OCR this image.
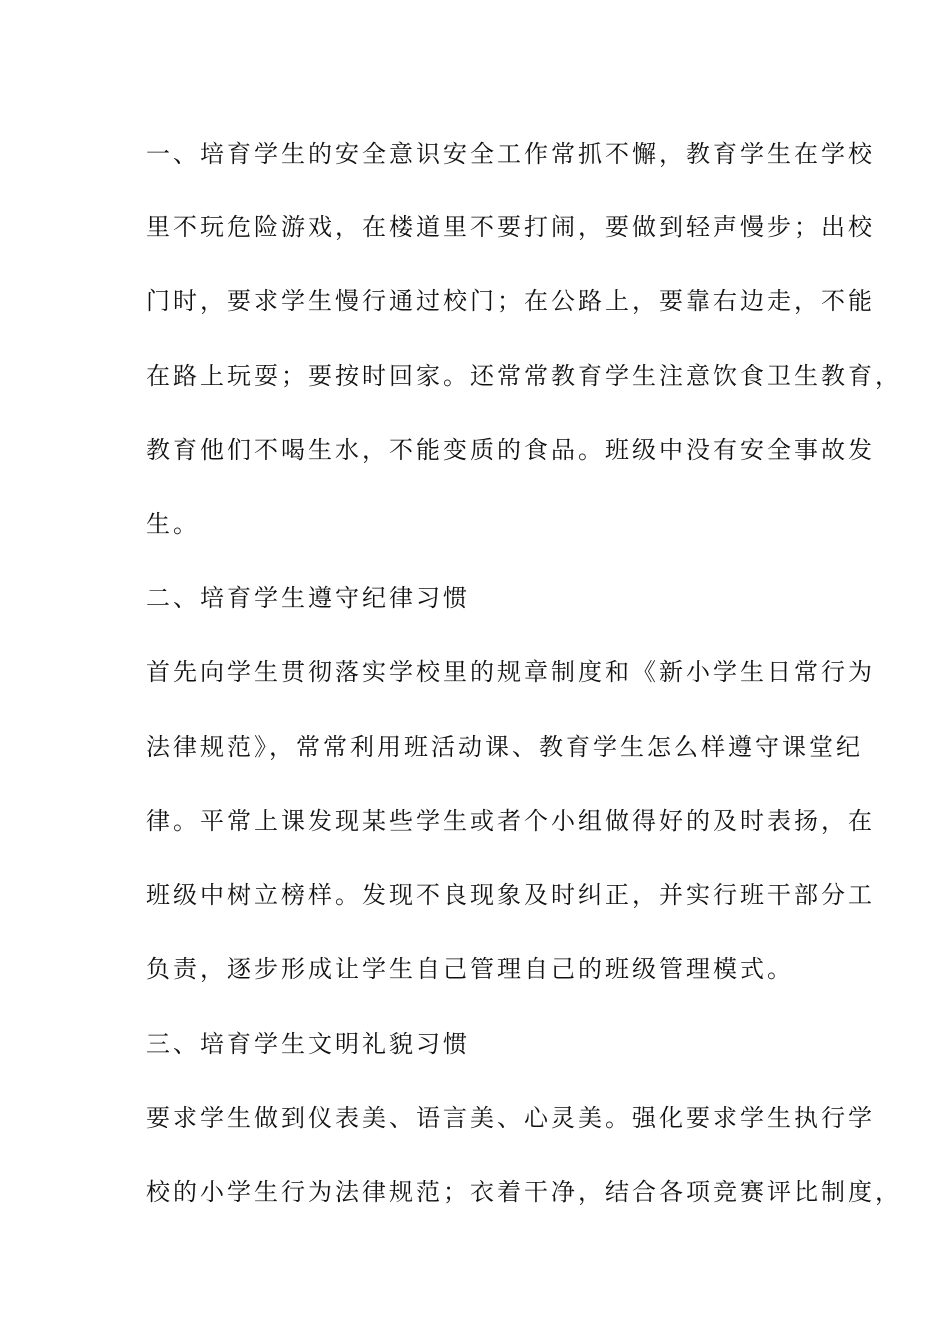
一、培育学生的安全意识安全工作常抓不懈，教育学生在学校

里不玩危险游戏，在楼道里不要打闹，要做到轻声慢步；出校

门时，要求学生慢行通过校门；在公路上，要靠右边走，不能

在路上玩耍；要按时回家。还常常教育学生注意饮食卫生教育，

教育他们不喝生水，不能变质的食品。班级中没有安全事故发

生。

二、培育学生遵守纪律习惯

首先向学生贯彻落实学校里的规章制度和《新小学生日常行为

法律规范》，常常利用班活动课、教育学生怎么样遵守课堂纪

律。平常上课发现某些学生或者个小组做得好的及时表扬，在

班级中树立榜样。发现不良现象及时纠正，并实行班干部分工

负责，逐步形成让学生自己管理自己的班级管理模式。

三、培育学生文明礼貌习惯

要求学生做到仪表美、语言美、心灵美。强化要求学生执行学

校的小学生行为法律规范；衣着干净，结合各项竞赛评比制度，
